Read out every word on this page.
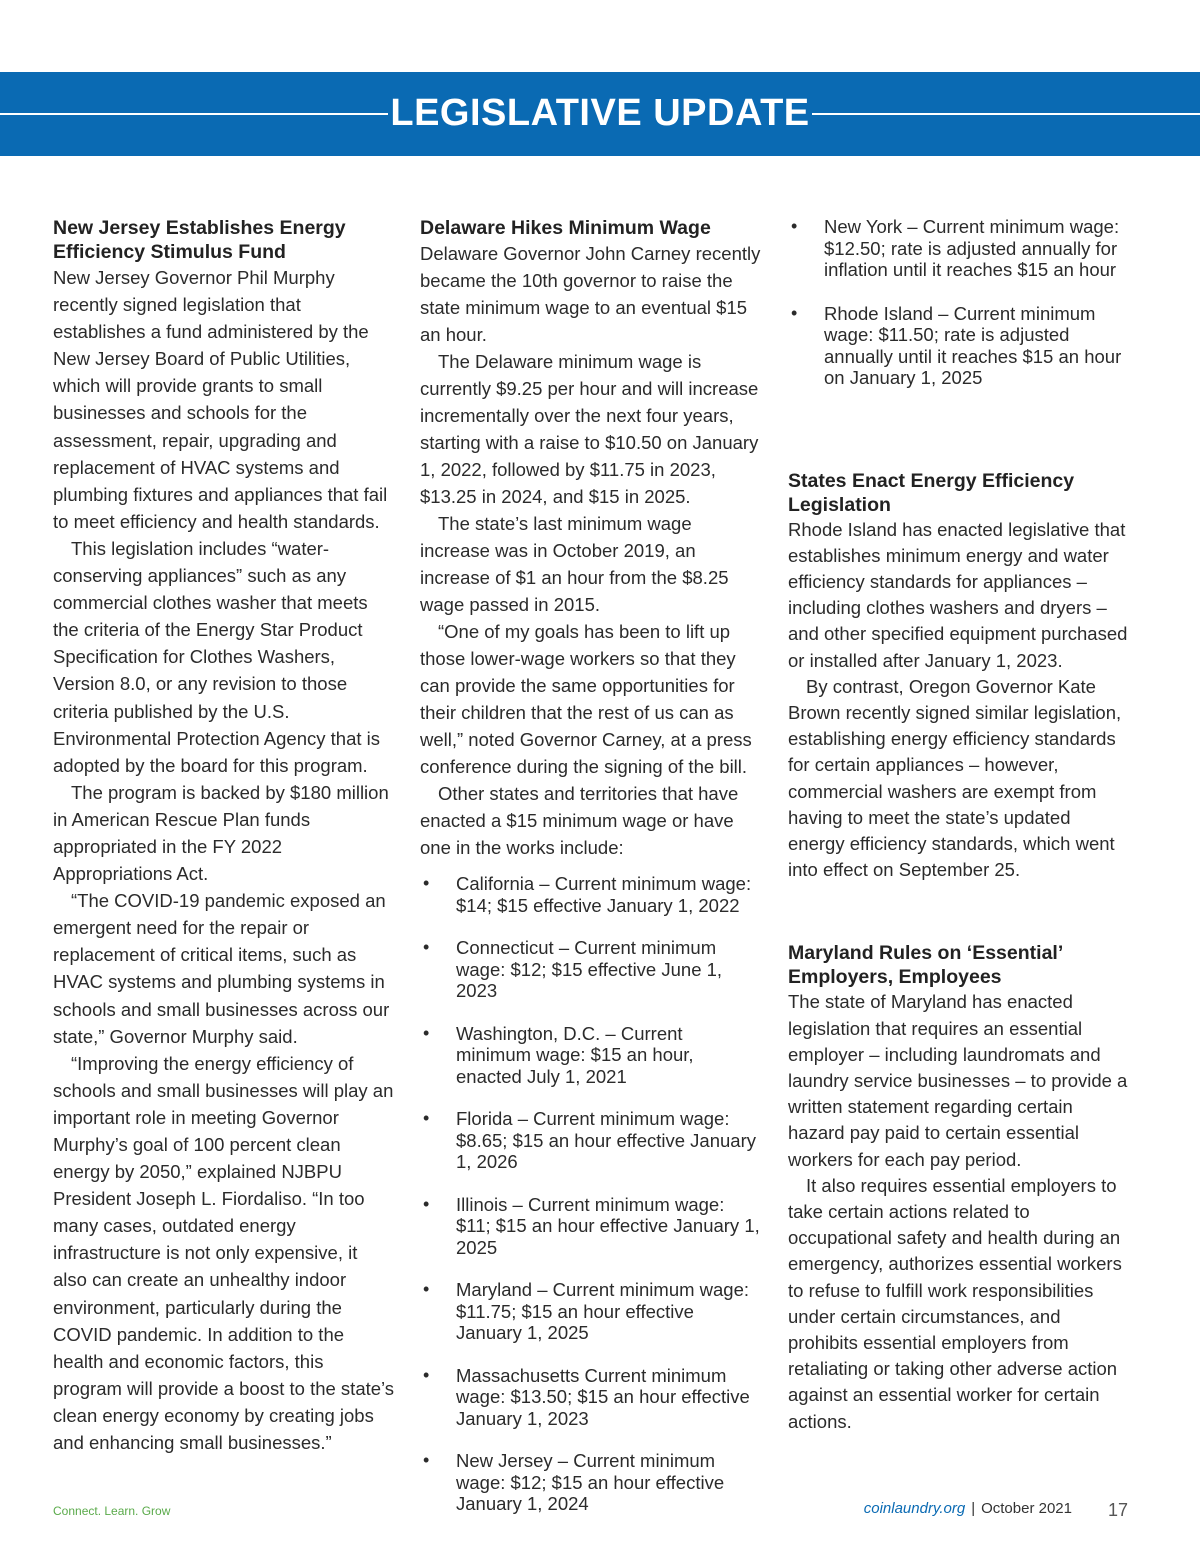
LEGISLATIVE UPDATE
New Jersey Establishes Energy Efficiency Stimulus Fund

New Jersey Governor Phil Murphy recently signed legislation that establishes a fund administered by the New Jersey Board of Public Utilities, which will provide grants to small businesses and schools for the assessment, repair, upgrading and replacement of HVAC systems and plumbing fixtures and appliances that fail to meet efficiency and health standards.

This legislation includes “water-conserving appliances” such as any commercial clothes washer that meets the criteria of the Energy Star Product Specification for Clothes Washers, Version 8.0, or any revision to those criteria published by the U.S. Environmental Protection Agency that is adopted by the board for this program.

The program is backed by $180 million in American Rescue Plan funds appropriated in the FY 2022 Appropriations Act.

“The COVID-19 pandemic exposed an emergent need for the repair or replacement of critical items, such as HVAC systems and plumbing systems in schools and small businesses across our state,” Governor Murphy said.

“Improving the energy efficiency of schools and small businesses will play an important role in meeting Governor Murphy’s goal of 100 percent clean energy by 2050,” explained NJBPU President Joseph L. Fiordaliso. “In too many cases, outdated energy infrastructure is not only expensive, it also can create an unhealthy indoor environment, particularly during the COVID pandemic. In addition to the health and economic factors, this program will provide a boost to the state’s clean energy economy by creating jobs and enhancing small businesses.”

Delaware Hikes Minimum Wage

Delaware Governor John Carney recently became the 10th governor to raise the state minimum wage to an eventual $15 an hour.

The Delaware minimum wage is currently $9.25 per hour and will increase incrementally over the next four years, starting with a raise to $10.50 on January 1, 2022, followed by $11.75 in 2023, $13.25 in 2024, and $15 in 2025.

The state’s last minimum wage increase was in October 2019, an increase of $1 an hour from the $8.25 wage passed in 2015.

“One of my goals has been to lift up those lower-wage workers so that they can provide the same opportunities for their children that the rest of us can as well,” noted Governor Carney, at a press conference during the signing of the bill.

Other states and territories that have enacted a $15 minimum wage or have one in the works include:

• California – Current minimum wage: $14; $15 effective January 1, 2022
• Connecticut – Current minimum wage: $12; $15 effective June 1, 2023
• Washington, D.C. – Current minimum wage: $15 an hour, enacted July 1, 2021
• Florida – Current minimum wage: $8.65; $15 an hour effective January 1, 2026
• Illinois – Current minimum wage: $11; $15 an hour effective January 1, 2025
• Maryland – Current minimum wage: $11.75; $15 an hour effective January 1, 2025
• Massachusetts Current minimum wage: $13.50; $15 an hour effective January 1, 2023
• New Jersey – Current minimum wage: $12; $15 an hour effective January 1, 2024
• New York – Current minimum wage: $12.50; rate is adjusted annually for inflation until it reaches $15 an hour
• Rhode Island – Current minimum wage: $11.50; rate is adjusted annually until it reaches $15 an hour on January 1, 2025
States Enact Energy Efficiency Legislation

Rhode Island has enacted legislative that establishes minimum energy and water efficiency standards for appliances – including clothes washers and dryers – and other specified equipment purchased or installed after January 1, 2023.

By contrast, Oregon Governor Kate Brown recently signed similar legislation, establishing energy efficiency standards for certain appliances – however, commercial washers are exempt from having to meet the state’s updated energy efficiency standards, which went into effect on September 25.

Maryland Rules on ‘Essential’ Employers, Employees

The state of Maryland has enacted legislation that requires an essential employer – including laundromats and laundry service businesses – to provide a written statement regarding certain hazard pay paid to certain essential workers for each pay period.

It also requires essential employers to take certain actions related to occupational safety and health during an emergency, authorizes essential workers to refuse to fulfill work responsibilities under certain circumstances, and prohibits essential employers from retaliating or taking other adverse action against an essential worker for certain actions.

Connect. Learn. Grow	coinlaundry.org | October 2021 17
